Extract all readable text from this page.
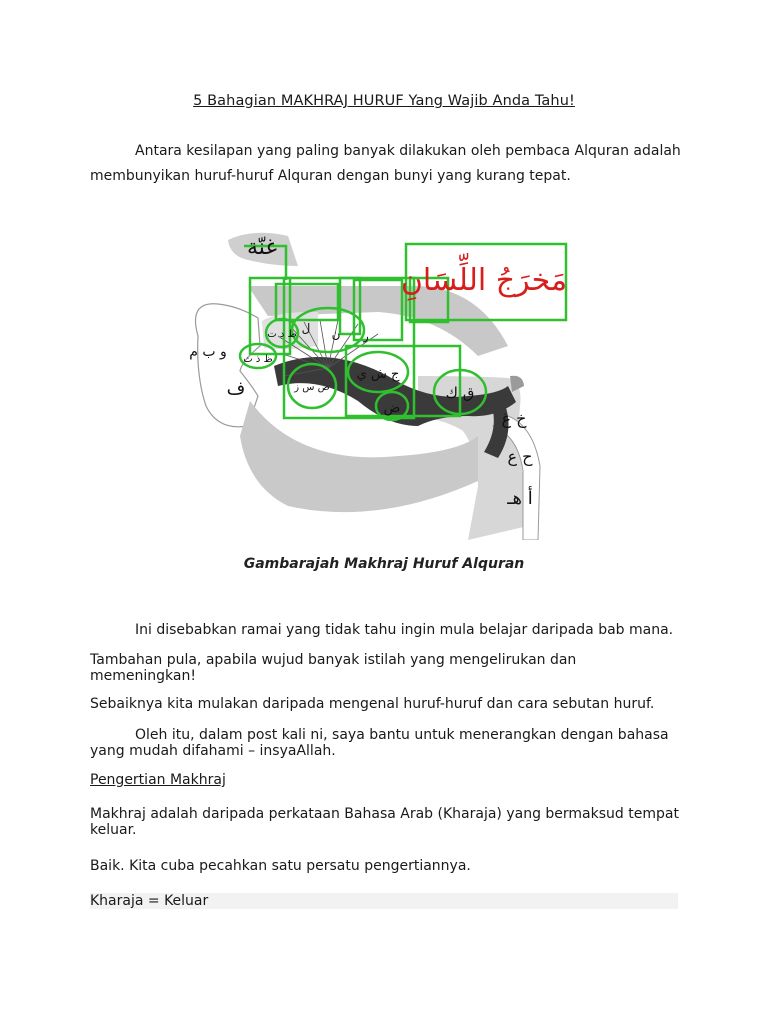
5 Bahagian MAKHRAJ HURUF Yang Wajib Anda Tahu!
Antara kesilapan yang paling banyak dilakukan oleh pembaca Alquran adalah
membunyikan huruf-huruf Alquran dengan bunyi yang kurang tepat.
غنّة
مَخرَجُ اللِّسَانِ
و ب م
ف
ظ ذ ث
ط د ت ل ن ر
ص س ز
ج ش ي
ض
ق ك
خ غ
ح ع
أ هـ
Gambarajah Makhraj Huruf Alquran
Ini disebabkan ramai yang tidak tahu ingin mula belajar daripada bab mana.
Tambahan pula, apabila wujud banyak istilah yang mengelirukan dan
memeningkan!
Sebaiknya kita mulakan daripada mengenal huruf-huruf dan cara sebutan huruf.
Oleh itu, dalam post kali ni, saya bantu untuk menerangkan dengan bahasa
yang mudah difahami – insyaAllah.
Pengertian Makhraj
Makhraj adalah daripada perkataan Bahasa Arab (Kharaja) yang bermaksud tempat
keluar.
Baik. Kita cuba pecahkan satu persatu pengertiannya.
Kharaja = Keluar
